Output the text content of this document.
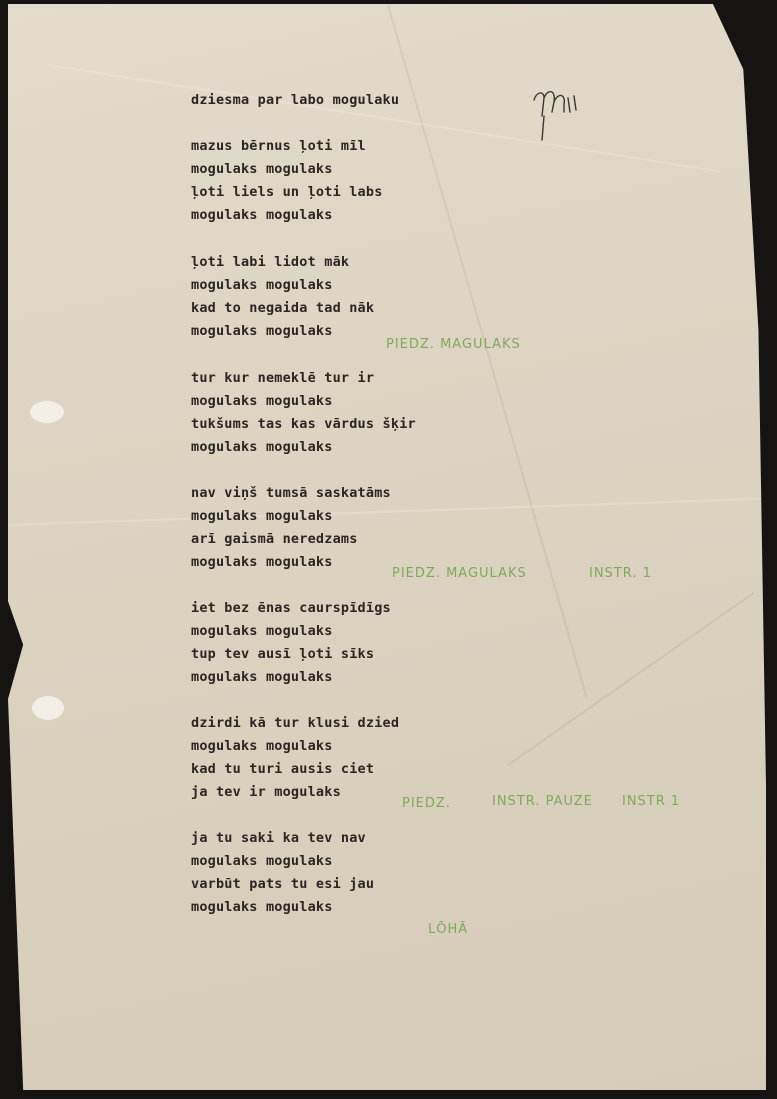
dziesma par labo mogulaku
mazus bērnus ļoti mīl
mogulaks mogulaks
ļoti liels un ļoti labs
mogulaks mogulaks
ļoti labi lidot māk
mogulaks mogulaks
kad to negaida tad nāk
mogulaks mogulaks
tur kur nemeklē tur ir
mogulaks mogulaks
tukšums tas kas vārdus šķir
mogulaks mogulaks
nav viņš tumsā saskatāms
mogulaks mogulaks
arī gaismā neredzams
mogulaks mogulaks
iet bez ēnas caurspīdīgs
mogulaks mogulaks
tup tev ausī ļoti sīks
mogulaks mogulaks
dzirdi kā tur klusi dzied
mogulaks mogulaks
kad tu turi ausis ciet
ja tev ir mogulaks
ja tu saki ka tev nav
mogulaks mogulaks
varbūt pats tu esi jau
mogulaks mogulaks
PIEDZ. MAGULAKS
PIEDZ. MAGULAKS	INSTR. 1
PIEDZ.	INSTR. PAUZE INSTR 1
LŌHĀ
